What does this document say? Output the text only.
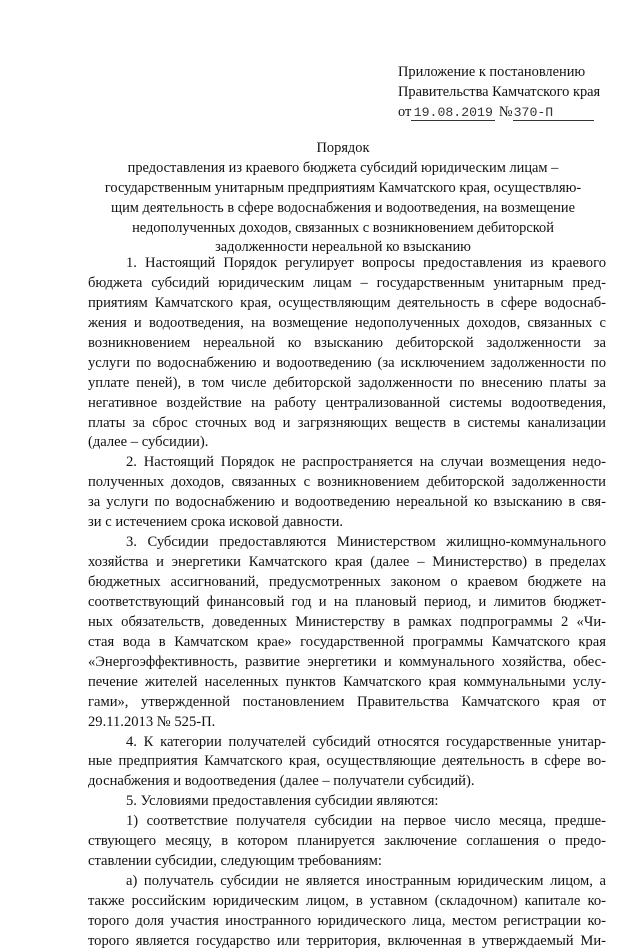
Приложение к постановлению
Правительства Камчатского края
от 19.08.2019 №370-П
Порядок
предоставления из краевого бюджета субсидий юридическим лицам –
государственным унитарным предприятиям Камчатского края, осуществляю-
щим деятельность в сфере водоснабжения и водоотведения, на возмещение
недополученных доходов, связанных с возникновением дебиторской
задолженности нереальной ко взысканию
1. Настоящий Порядок регулирует вопросы предоставления из краевого
бюджета субсидий юридическим лицам – государственным унитарным пред-
приятиям Камчатского края, осуществляющим деятельность в сфере водоснаб-
жения и водоотведения, на возмещение недополученных доходов, связанных с
возникновением нереальной ко взысканию дебиторской задолженности за
услуги по водоснабжению и водоотведению (за исключением задолженности по
уплате пеней), в том числе дебиторской задолженности по внесению платы за
негативное воздействие на работу централизованной системы водоотведения,
платы за сброс сточных вод и загрязняющих веществ в системы канализации
(далее – субсидии).
2. Настоящий Порядок не распространяется на случаи возмещения недо-
полученных доходов, связанных с возникновением дебиторской задолженности
за услуги по водоснабжению и водоотведению нереальной ко взысканию в свя-
зи с истечением срока исковой давности.
3. Субсидии предоставляются Министерством жилищно-коммунального
хозяйства и энергетики Камчатского края (далее – Министерство) в пределах
бюджетных ассигнований, предусмотренных законом о краевом бюджете на
соответствующий финансовый год и на плановый период, и лимитов бюджет-
ных обязательств, доведенных Министерству в рамках подпрограммы 2 «Чи-
стая вода в Камчатском крае» государственной программы Камчатского края
«Энергоэффективность, развитие энергетики и коммунального хозяйства, обес-
печение жителей населенных пунктов Камчатского края коммунальными услу-
гами», утвержденной постановлением Правительства Камчатского края от
29.11.2013 № 525-П.
4. К категории получателей субсидий относятся государственные унитар-
ные предприятия Камчатского края, осуществляющие деятельность в сфере во-
доснабжения и водоотведения (далее – получатели субсидий).
5. Условиями предоставления субсидии являются:
1) соответствие получателя субсидии на первое число месяца, предше-
ствующего месяцу, в котором планируется заключение соглашения о предо-
ставлении субсидии, следующим требованиям:
а) получатель субсидии не является иностранным юридическим лицом, а
также российским юридическим лицом, в уставном (складочном) капитале ко-
торого доля участия иностранного юридического лица, местом регистрации ко-
торого является государство или территория, включенная в утверждаемый Ми-
